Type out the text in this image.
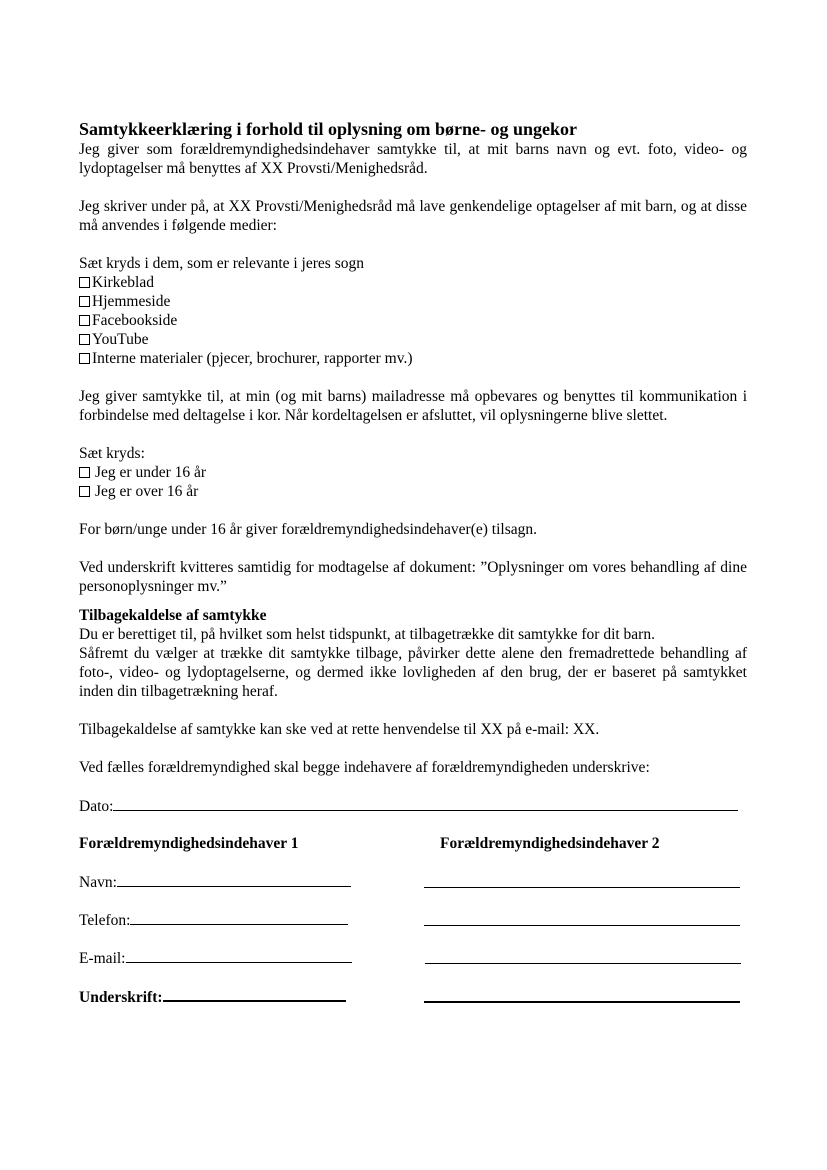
Samtykkeerklæring i forhold til oplysning om børne- og ungekor

Jeg giver som forældremyndighedsindehaver samtykke til, at mit barns navn og evt. foto, video- og lydoptagelser må benyttes af XX Provsti/Menighedsråd.

Jeg skriver under på, at XX Provsti/Menighedsråd må lave genkendelige optagelser af mit barn, og at disse må anvendes i følgende medier:

Sæt kryds i dem, som er relevante i jeres sogn

Kirkeblad
Hjemmeside
Facebookside
YouTube
Interne materialer (pjecer, brochurer, rapporter mv.)

Jeg giver samtykke til, at min (og mit barns) mailadresse må opbevares og benyttes til kommunikation i forbindelse med deltagelse i kor. Når kordeltagelsen er afsluttet, vil oplysningerne blive slettet.

Sæt kryds:

Jeg er under 16 år
Jeg er over 16 år

For børn/unge under 16 år giver forældremyndighedsindehaver(e) tilsagn.

Ved underskrift kvitteres samtidig for modtagelse af dokument: ”Oplysninger om vores behandling af dine personoplysninger mv.”

Tilbagekaldelse af samtykke

Du er berettiget til, på hvilket som helst tidspunkt, at tilbagetrække dit samtykke for dit barn.

Såfremt du vælger at trække dit samtykke tilbage, påvirker dette alene den fremadrettede behandling af foto-, video- og lydoptagelserne, og dermed ikke lovligheden af den brug, der er baseret på samtykket inden din tilbagetrækning heraf.

Tilbagekaldelse af samtykke kan ske ved at rette henvendelse til XX på e-mail: XX.

Ved fælles forældremyndighed skal begge indehavere af forældremyndigheden underskrive:

Dato:
Forældremyndighedsindehaver 1	Forældremyndighedsindehaver 2
Navn:
Telefon:
E-mail:
Underskrift:
